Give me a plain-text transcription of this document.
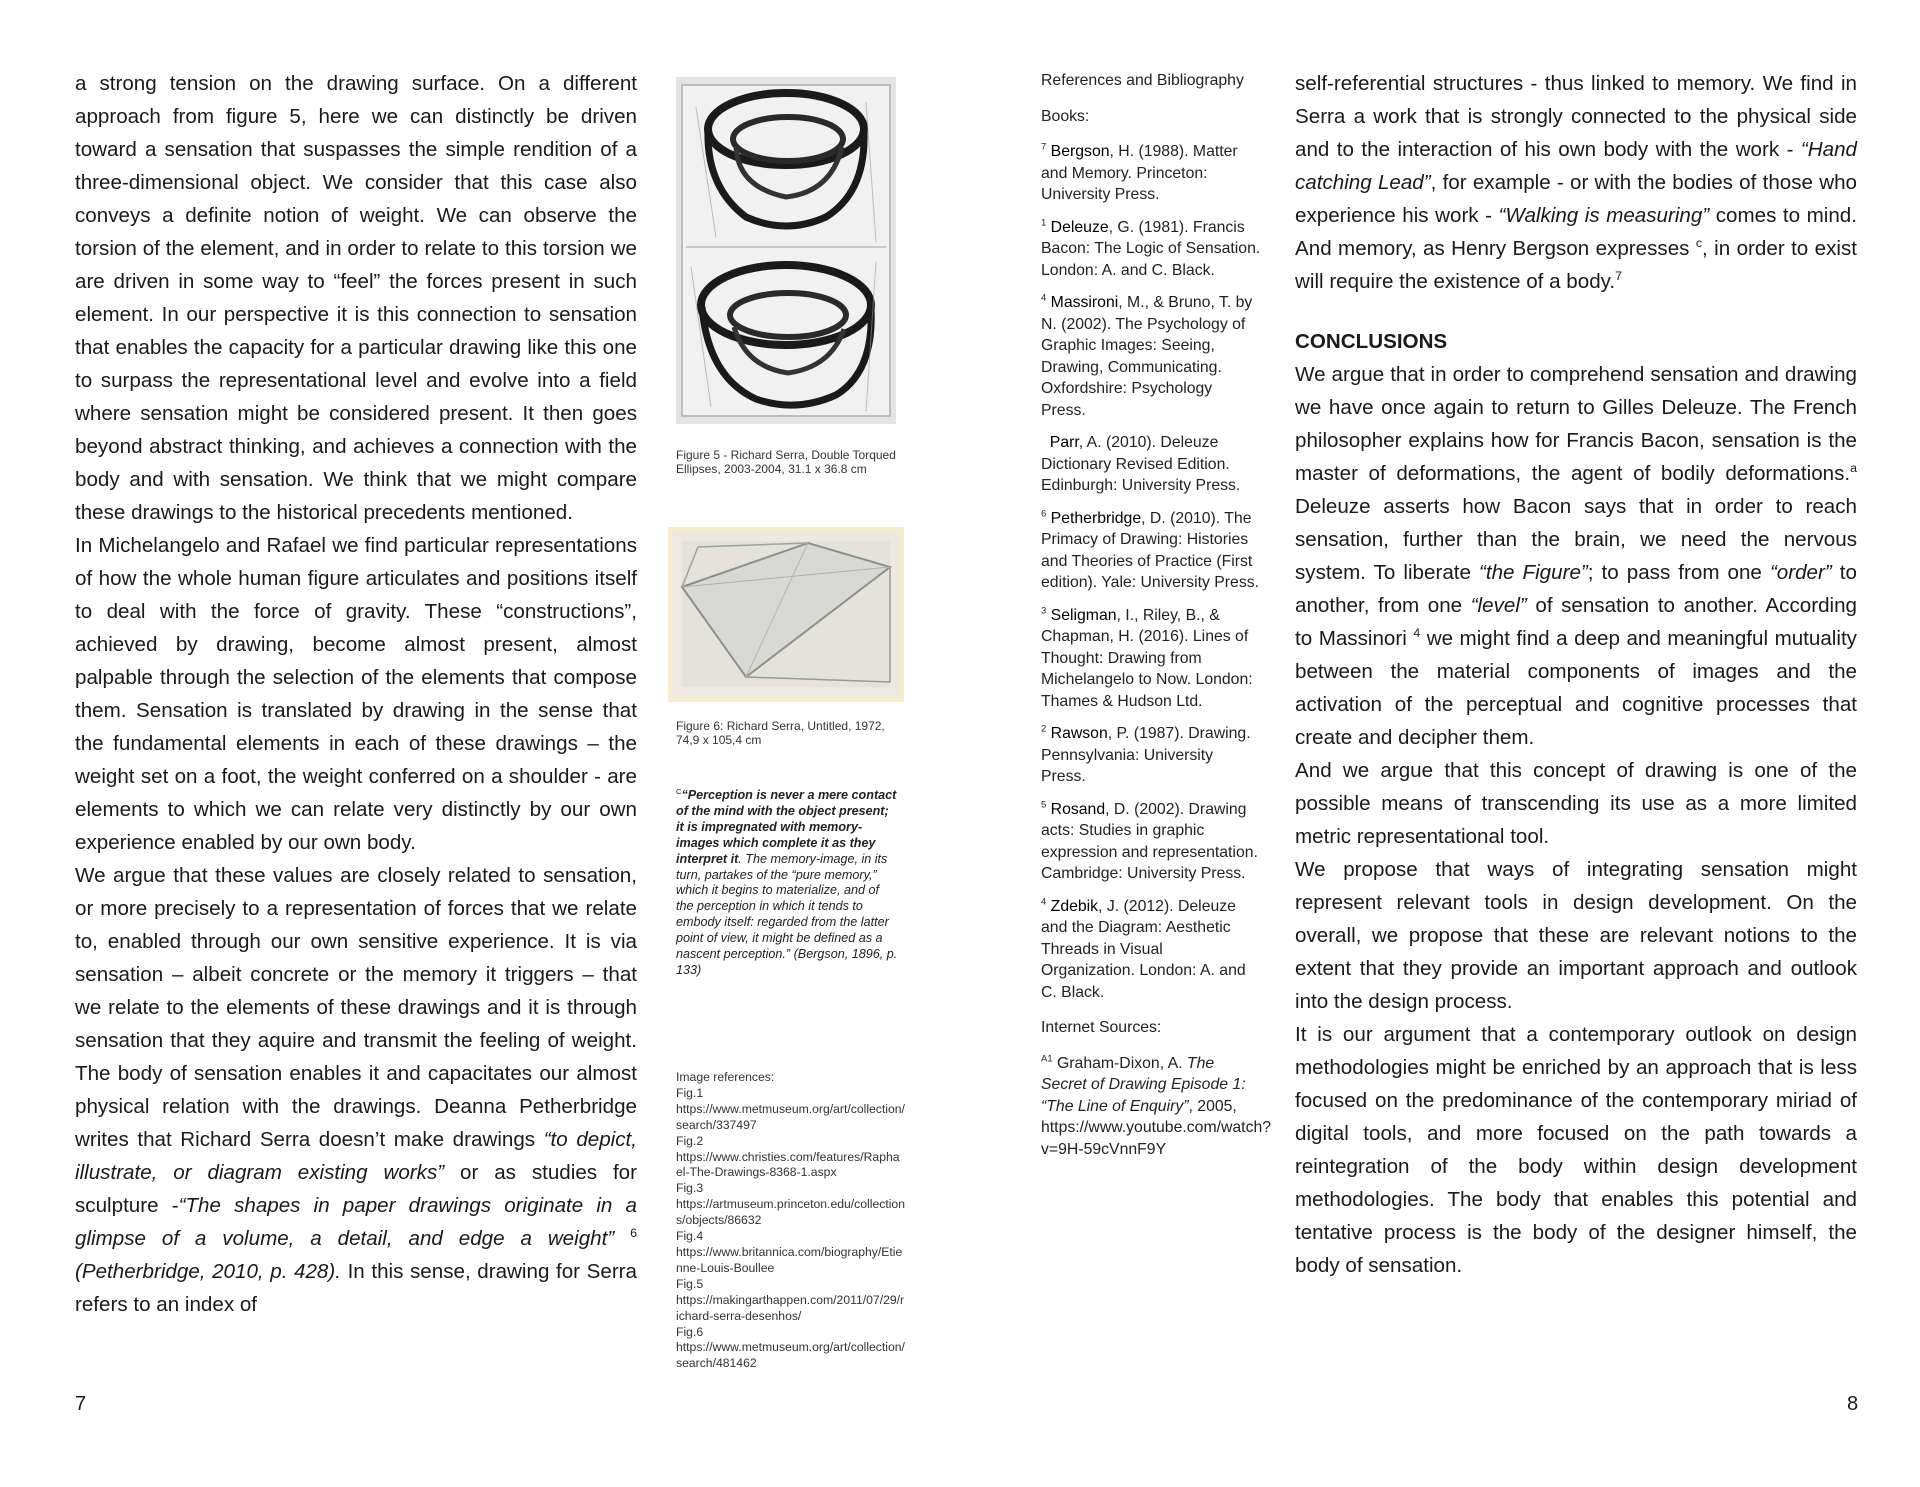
a strong tension on the drawing surface. On a different approach from figure 5, here we can distinctly be driven toward a sensation that suspasses the simple rendition of a three-dimensional object. We consider that this case also conveys a definite notion of weight. We can observe the torsion of the element, and in order to relate to this torsion we are driven in some way to “feel” the forces present in such element. In our perspective it is this connection to sensation that enables the capacity for a particular drawing like this one to surpass the representational level and evolve into a field where sensation might be considered present. It then goes beyond abstract thinking, and achieves a connection with the body and with sensation. We think that we might compare these drawings to the historical precedents mentioned.

In Michelangelo and Rafael we find particular representations of how the whole human figure articulates and positions itself to deal with the force of gravity. These “constructions”, achieved by drawing, become almost present, almost palpable through the selection of the elements that compose them. Sensation is translated by drawing in the sense that the fundamental elements in each of these drawings – the weight set on a foot, the weight conferred on a shoulder - are elements to which we can relate very distinctly by our own experience enabled by our own body.

We argue that these values are closely related to sensation, or more precisely to a representation of forces that we relate to, enabled through our own sensitive experience. It is via sensation – albeit concrete or the memory it triggers – that we relate to the elements of these drawings and it is through sensation that they aquire and transmit the feeling of weight. The body of sensation enables it and capacitates our almost physical relation with the drawings. Deanna Petherbridge writes that Richard Serra doesn’t make drawings “to depict, illustrate, or diagram existing works” or as studies for sculpture -“The shapes in paper drawings originate in a glimpse of a volume, a detail, and edge a weight” $^6$ (Petherbridge, 2010, p. 428). In this sense, drawing for Serra refers to an index of

7
Figure 5 - Richard Serra, Double Torqued Ellipses, 2003-2004, 31.1 x 36.8 cm
Figure 6: Richard Serra, Untitled, 1972, 74,9 x 105,4 cm
$^C$“Perception is never a mere contact of the mind with the object present; it is impregnated with memory-images which complete it as they interpret it. The memory-image, in its turn, partakes of the “pure memory,” which it begins to materialize, and of the perception in which it tends to embody itself: regarded from the latter point of view, it might be defined as a nascent perception.” (Bergson, 1896, p. 133)
Image references:
Fig.1
https://www.metmuseum.org/art/collection/search/337497
Fig.2
https://www.christies.com/features/Raphael-The-Drawings-8368-1.aspx
Fig.3
https://artmuseum.princeton.edu/collections/objects/86632
Fig.4
https://www.britannica.com/biography/Etienne-Louis-Boullee
Fig.5
https://makingarthappen.com/2011/07/29/richard-serra-desenhos/
Fig.6
https://www.metmuseum.org/art/collection/search/481462

References and Bibliography

Books:

$^7$ Bergson, H. (1988). Matter and Memory. Princeton: University Press.

$^1$ Deleuze, G. (1981). Francis Bacon: The Logic of Sensation. London: A. and C. Black.

$^4$ Massironi, M., & Bruno, T. by N. (2002). The Psychology of Graphic Images: Seeing, Drawing, Communicating. Oxfordshire: Psychology Press.

Parr, A. (2010). Deleuze Dictionary Revised Edition. Edinburgh: University Press.

$^6$ Petherbridge, D. (2010). The Primacy of Drawing: Histories and Theories of Practice (First edition). Yale: University Press.

$^3$ Seligman, I., Riley, B., & Chapman, H. (2016). Lines of Thought: Drawing from Michelangelo to Now. London: Thames & Hudson Ltd.

$^2$ Rawson, P. (1987). Drawing. Pennsylvania: University Press.

$^5$ Rosand, D. (2002). Drawing acts: Studies in graphic expression and representation. Cambridge: University Press.

$^4$ Zdebik, J. (2012). Deleuze and the Diagram: Aesthetic Threads in Visual Organization. London: A. and C. Black.

Internet Sources:

$^{A1}$ Graham-Dixon, A. The Secret of Drawing Episode 1: “The Line of Enquiry”, 2005, https://www.youtube.com/watch?v=9H-59cVnnF9Y

self-referential structures - thus linked to memory. We find in Serra a work that is strongly connected to the physical side and to the interaction of his own body with the work - “Hand catching Lead”, for example - or with the bodies of those who experience his work - “Walking is measuring” comes to mind. And memory, as Henry Bergson expresses $^c$, in order to exist will require the existence of a body.$^7$

CONCLUSIONS

We argue that in order to comprehend sensation and drawing we have once again to return to Gilles Deleuze. The French philosopher explains how for Francis Bacon, sensation is the master of deformations, the agent of bodily deformations.$^a$ Deleuze asserts how Bacon says that in order to reach sensation, further than the brain, we need the nervous system. To liberate “the Figure”; to pass from one “order” to another, from one “level” of sensation to another. According to Massinori $^4$ we might find a deep and meaningful mutuality between the material components of images and the activation of the perceptual and cognitive processes that create and decipher them.

And we argue that this concept of drawing is one of the possible means of transcending its use as a more limited metric representational tool.

We propose that ways of integrating sensation might represent relevant tools in design development. On the overall, we propose that these are relevant notions to the extent that they provide an important approach and outlook into the design process.

It is our argument that a contemporary outlook on design methodologies might be enriched by an approach that is less focused on the predominance of the contemporary miriad of digital tools, and more focused on the path towards a reintegration of the body within design development methodologies. The body that enables this potential and tentative process is the body of the designer himself, the body of sensation.

8
